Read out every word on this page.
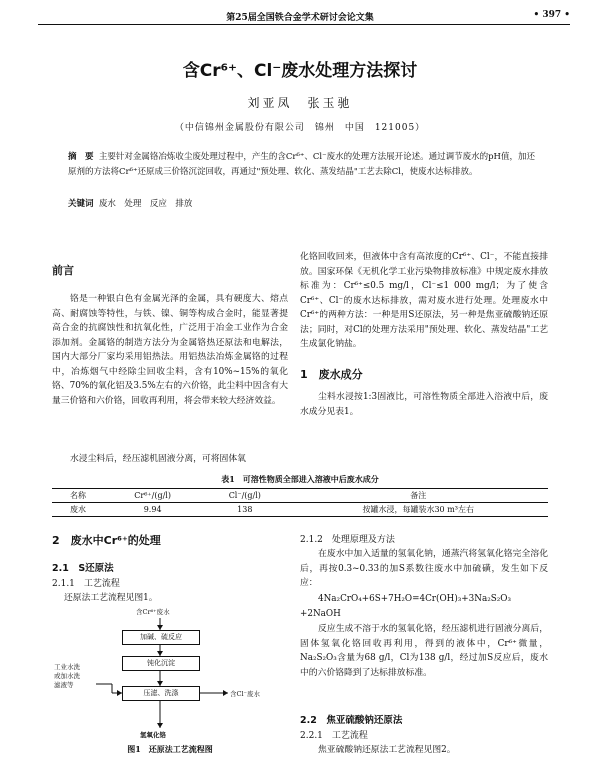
第25届全国铁合金学术研讨会论文集	• 397 •
含Cr⁶⁺、Cl⁻废水处理方法探讨
刘亚凤　张玉驰
（中信锦州金属股份有限公司　锦州　中国　121005）
摘　要 主要针对金属铬冶炼收尘废处理过程中，产生的含Cr⁶⁺、Cl⁻废水的处理方法展开论述。通过调节废水的pH值，加还原剂的方法将Cr⁶⁺还原成三价铬沉淀回收，再通过"预处理、软化、蒸发结晶"工艺去除Cl，使废水达标排放。
关键词 废水　处理　反应　排放
前言
铬是一种银白色有金属光泽的金属，具有硬度大、熔点高、耐腐蚀等特性，与铁、镍、铜等构成合金时，能显著提高合金的抗腐蚀性和抗氧化性，广泛用于冶金工业作为合金添加剂。金属铬的制造方法分为金属铬热还原法和电解法，国内大部分厂家均采用铝热法。用铝热法冶炼金属铬的过程中，冶炼烟气中经除尘回收尘料，含有10%~15%的氧化铬、70%的氧化铝及3.5%左右的六价铬，此尘料中因含有大量三价铬和六价铬，回收再利用，将会带来较大经济效益。
水浸尘料后，经压滤机固液分离，可将固体氧
化铬回收回来，但液体中含有高浓度的Cr⁶⁺、Cl⁻，不能直接排放。国家环保《无机化学工业污染物排放标准》中规定废水排放标准为：Cr⁶⁺≤0.5 mg/l，Cl⁻≤1 000 mg/l；为了使含Cr⁶⁺、Cl⁻的废水达标排放，需对废水进行处理。处理废水中Cr⁶⁺的两种方法：一种是用S还原法，另一种是焦亚硫酸钠还原法；同时，对Cl的处理方法采用"预处理、软化、蒸发结晶"工艺生成氯化钠盐。
1　废水成分
尘料水浸按1:3固液比，可溶性物质全部进入浴液中后，废水成分见表1。
表1　可溶性物质全部进入溶液中后废水成分
名称	Cr⁶⁺/(g/l)	Cl⁻/(g/l)	备注
废水	9.94	138	按罐水浸，每罐装水30 m³左右
2　废水中Cr⁶⁺的处理
2.1　S还原法
2.1.1　工艺流程
还原法工艺流程见图1。
含Cr⁶⁺废水
加碱、硫反应
钝化沉淀
压滤、洗涤
工业水洗
或加水洗
滤液等
含Cl⁻废水
氢氧化铬
图1　还原法工艺流程图
2.1.2　处理原理及方法
在废水中加入适量的氢氧化钠，通蒸汽将氢氧化铬完全溶化后，再按0.3~0.33的加S系数往废水中加硫磺，发生如下反应：
4Na₂CrO₄+6S+7H₂O=4Cr(OH)₃+3Na₂S₂O₃
+2NaOH
反应生成不溶于水的氢氧化铬，经压滤机进行固液分离后，固体氢氧化铬回收再利用，得到的液体中，Cr⁶⁺微量，Na₂S₂O₃含量为68 g/l，Cl为138 g/l，经过加S反应后，废水中的六价铬降到了达标排放标准。
2.2　焦亚硫酸钠还原法
2.2.1　工艺流程
焦亚硫酸钠还原法工艺流程见图2。
